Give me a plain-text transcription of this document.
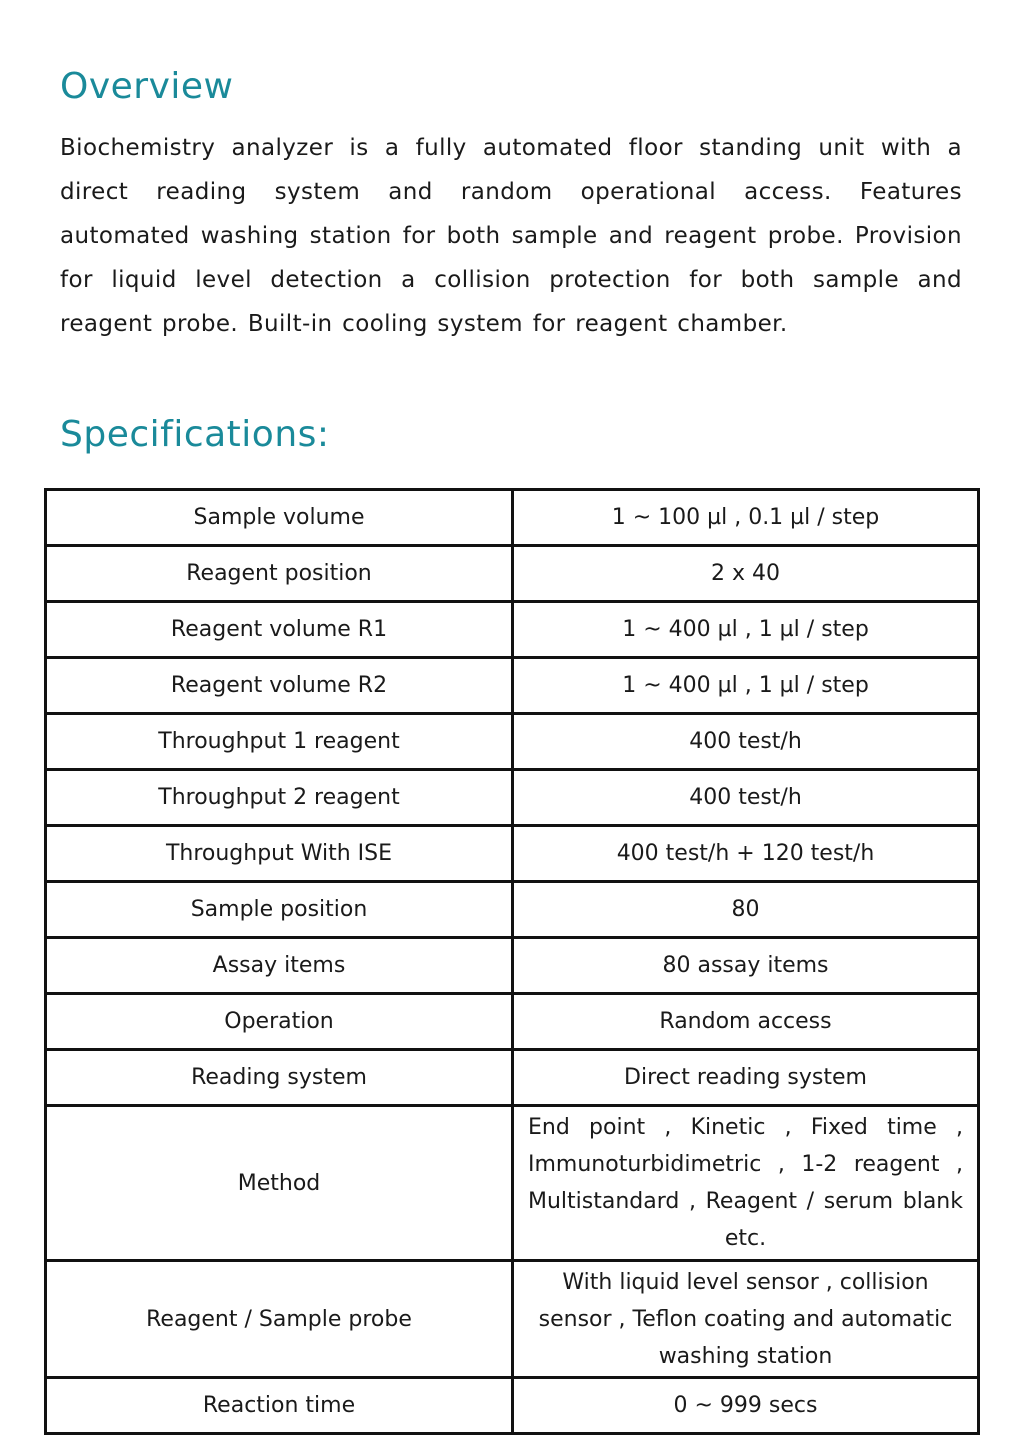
Overview

Biochemistry analyzer is a fully automated floor standing unit with a direct reading system and random operational access. Features automated washing station for both sample and reagent probe. Provision for liquid level detection a collision protection for both sample and reagent probe. Built-in cooling system for reagent chamber.

Specifications:
Sample volume	1 ~ 100 µl , 0.1 µl / step
Reagent position	2 x 40
Reagent volume R1	1 ~ 400 µl , 1 µl / step
Reagent volume R2	1 ~ 400 µl , 1 µl / step
Throughput 1 reagent	400 test/h
Throughput 2 reagent	400 test/h
Throughput With ISE	400 test/h + 120 test/h
Sample position	80
Assay items	80 assay items
Operation	Random access
Reading system	Direct reading system
Method	End point , Kinetic , Fixed time , Immunoturbidimetric , 1-2 reagent , Multistandard , Reagent / serum blank etc.
Reagent / Sample probe	With liquid level sensor , collision sensor , Teflon coating and automatic washing station
Reaction time	0 ~ 999 secs
